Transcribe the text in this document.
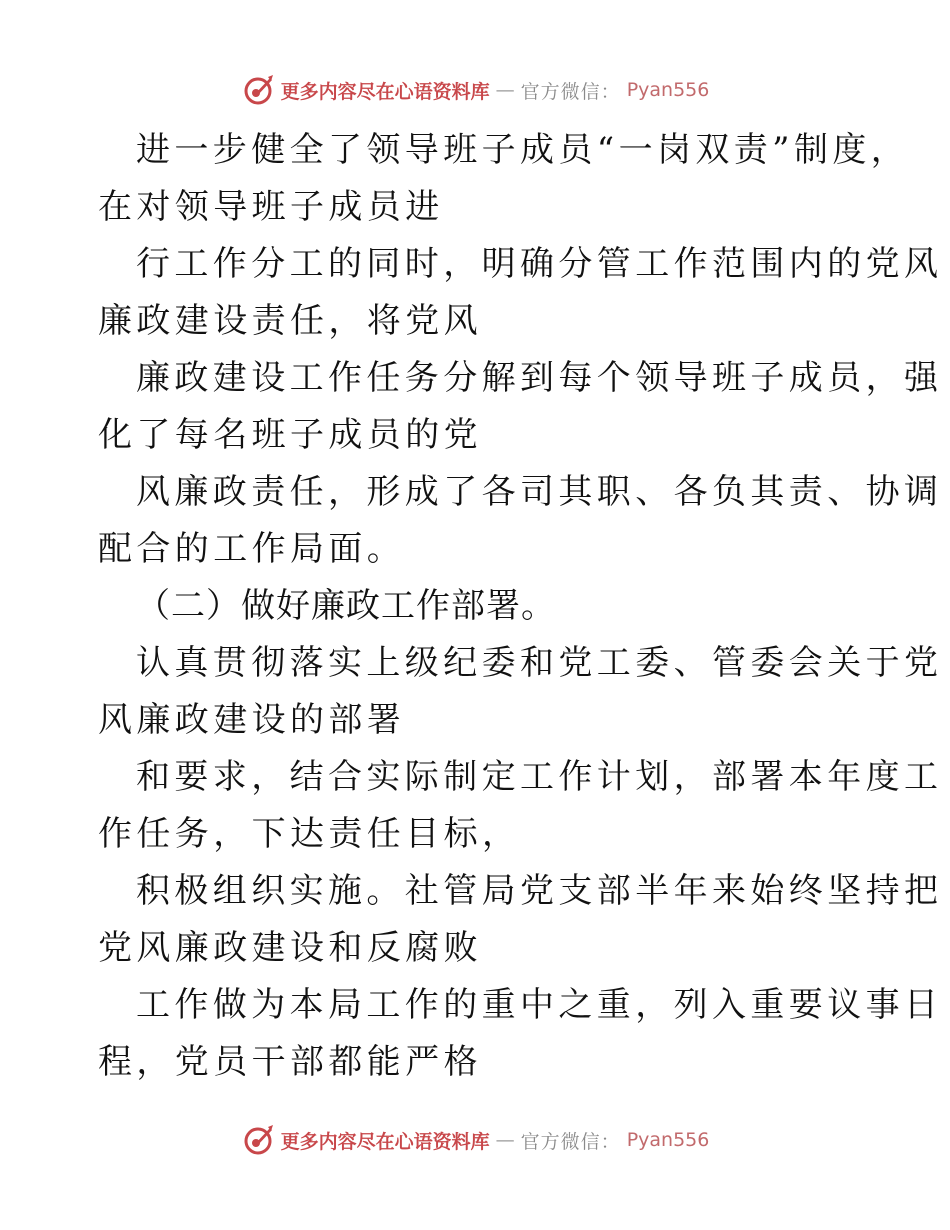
更多内容尽在心语资料库 — 官方微信： Pyan556

进一步健全了领导班子成员“一岗双责”制度，
在对领导班子成员进

行工作分工的同时，明确分管工作范围内的党风
廉政建设责任，将党风

廉政建设工作任务分解到每个领导班子成员，强
化了每名班子成员的党

风廉政责任，形成了各司其职、各负其责、协调
配合的工作局面。

（二）做好廉政工作部署。

认真贯彻落实上级纪委和党工委、管委会关于党
风廉政建设的部署

和要求，结合实际制定工作计划，部署本年度工
作任务，下达责任目标，

积极组织实施。社管局党支部半年来始终坚持把
党风廉政建设和反腐败

工作做为本局工作的重中之重，列入重要议事日
程，党员干部都能严格

更多内容尽在心语资料库 — 官方微信： Pyan556
